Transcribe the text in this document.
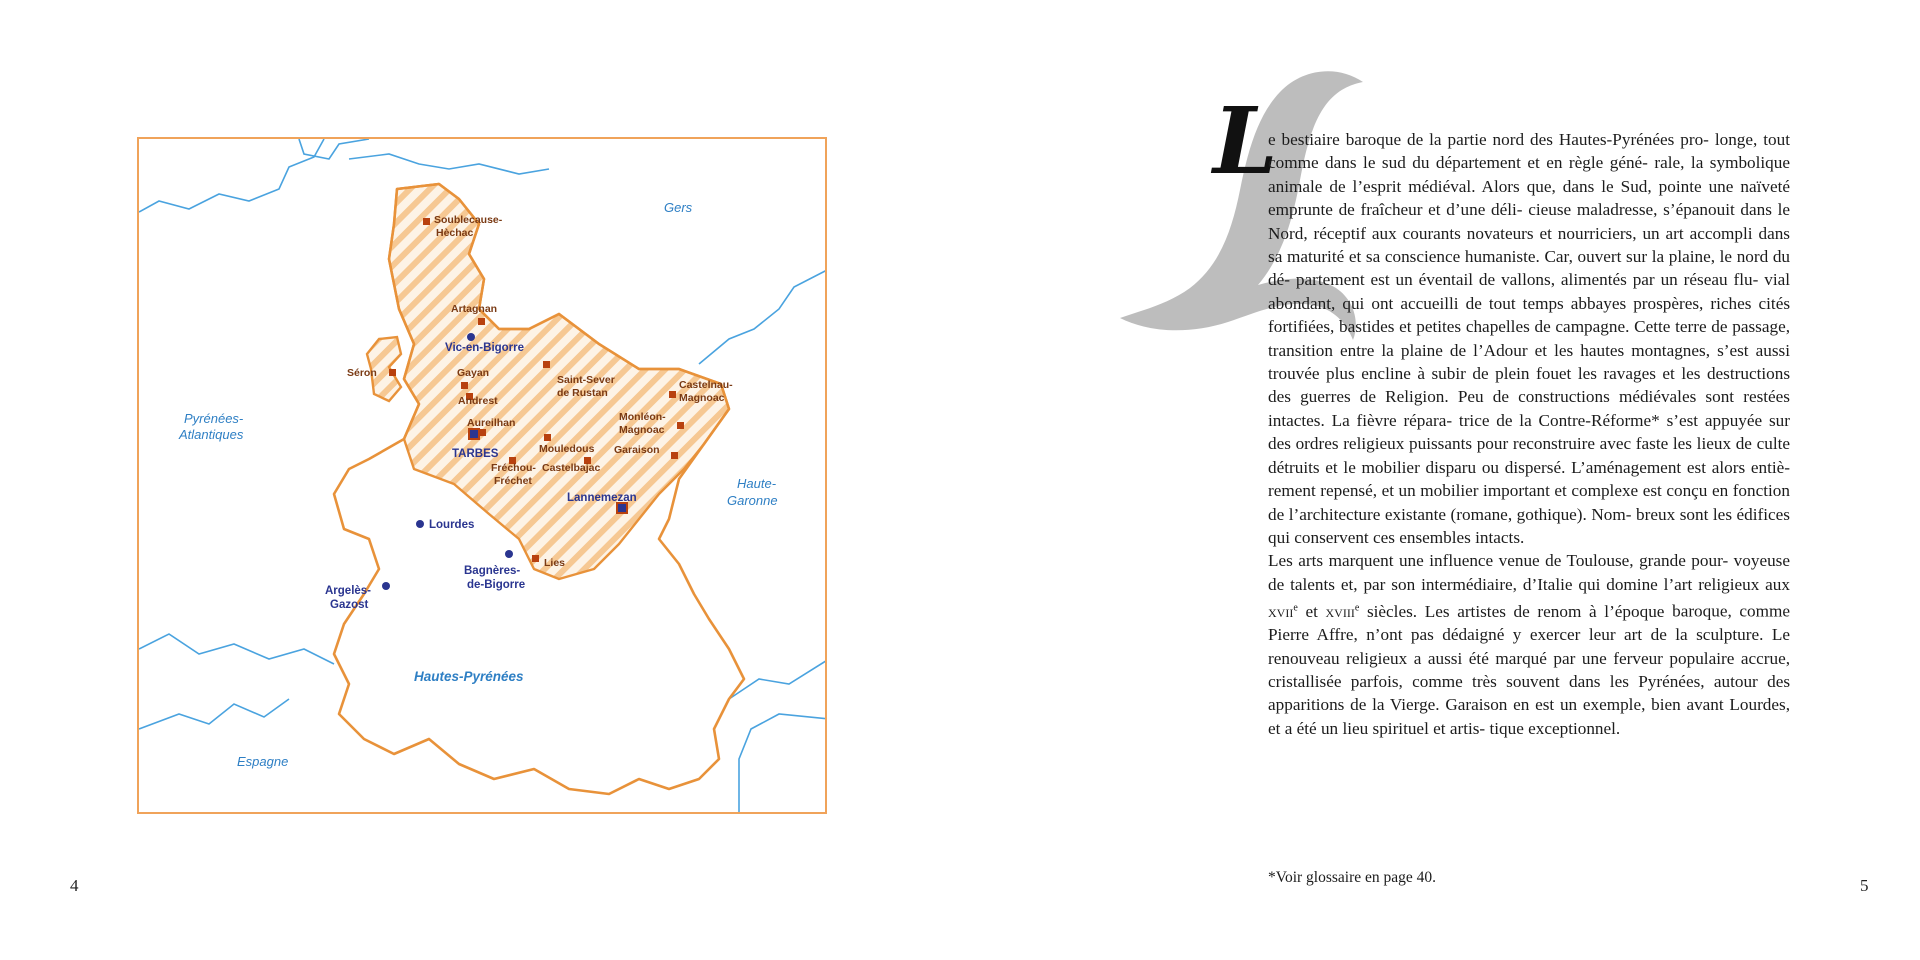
Soublecause-
Hèchac
Artagnan
Séron	Gayan
Andrest
Saint-Sever
de Rustan
Castelnau-
Magnoac
Monléon-
Magnoac
Aureilhan
Mouledous Garaison
Fréchou-
Fréchet
Castelbajac
Lies
Vic-en-Bigorre
TARBES
Lannemezan
Lourdes
Bagnères-
de-Bigorre
Argelès-
Gazost
Gers
Pyrénées-
Atlantiques
Haute-
Garonne
Espagne
Hautes-Pyrénées
4
L

e bestiaire baroque de la partie nord des Hautes-Pyrénées pro- longe, tout comme dans le sud du département et en règle géné- rale, la symbolique animale de l’esprit médiéval. Alors que, dans le Sud, pointe une naïveté emprunte de fraîcheur et d’une déli- cieuse maladresse, s’épanouit dans le Nord, réceptif aux courants novateurs et nourriciers, un art accompli dans sa maturité et sa conscience humaniste. Car, ouvert sur la plaine, le nord du dé- partement est un éventail de vallons, alimentés par un réseau flu- vial abondant, qui ont accueilli de tout temps abbayes prospères, riches cités fortifiées, bastides et petites chapelles de campagne. Cette terre de passage, transition entre la plaine de l’Adour et les hautes montagnes, s’est aussi trouvée plus encline à subir de plein fouet les ravages et les destructions des guerres de Religion. Peu de constructions médiévales sont restées intactes. La fièvre répara- trice de la Contre-Réforme* s’est appuyée sur des ordres religieux puissants pour reconstruire avec faste les lieux de culte détruits et le mobilier disparu ou dispersé. L’aménagement est alors entiè- rement repensé, et un mobilier important et complexe est conçu en fonction de l’architecture existante (romane, gothique). Nom- breux sont les édifices qui conservent ces ensembles intacts.

Les arts marquent une influence venue de Toulouse, grande pour- voyeuse de talents et, par son intermédiaire, d’Italie qui domine l’art religieux aux xvii$^e$ et xviii$^e$ siècles. Les artistes de renom à l’époque baroque, comme Pierre Affre, n’ont pas dédaigné y exercer leur art de la sculpture. Le renouveau religieux a aussi été marqué par une ferveur populaire accrue, cristallisée parfois, comme très souvent dans les Pyrénées, autour des apparitions de la Vierge. Garaison en est un exemple, bien avant Lourdes, et a été un lieu spirituel et artis- tique exceptionnel.

*Voir glossaire en page 40.	5
